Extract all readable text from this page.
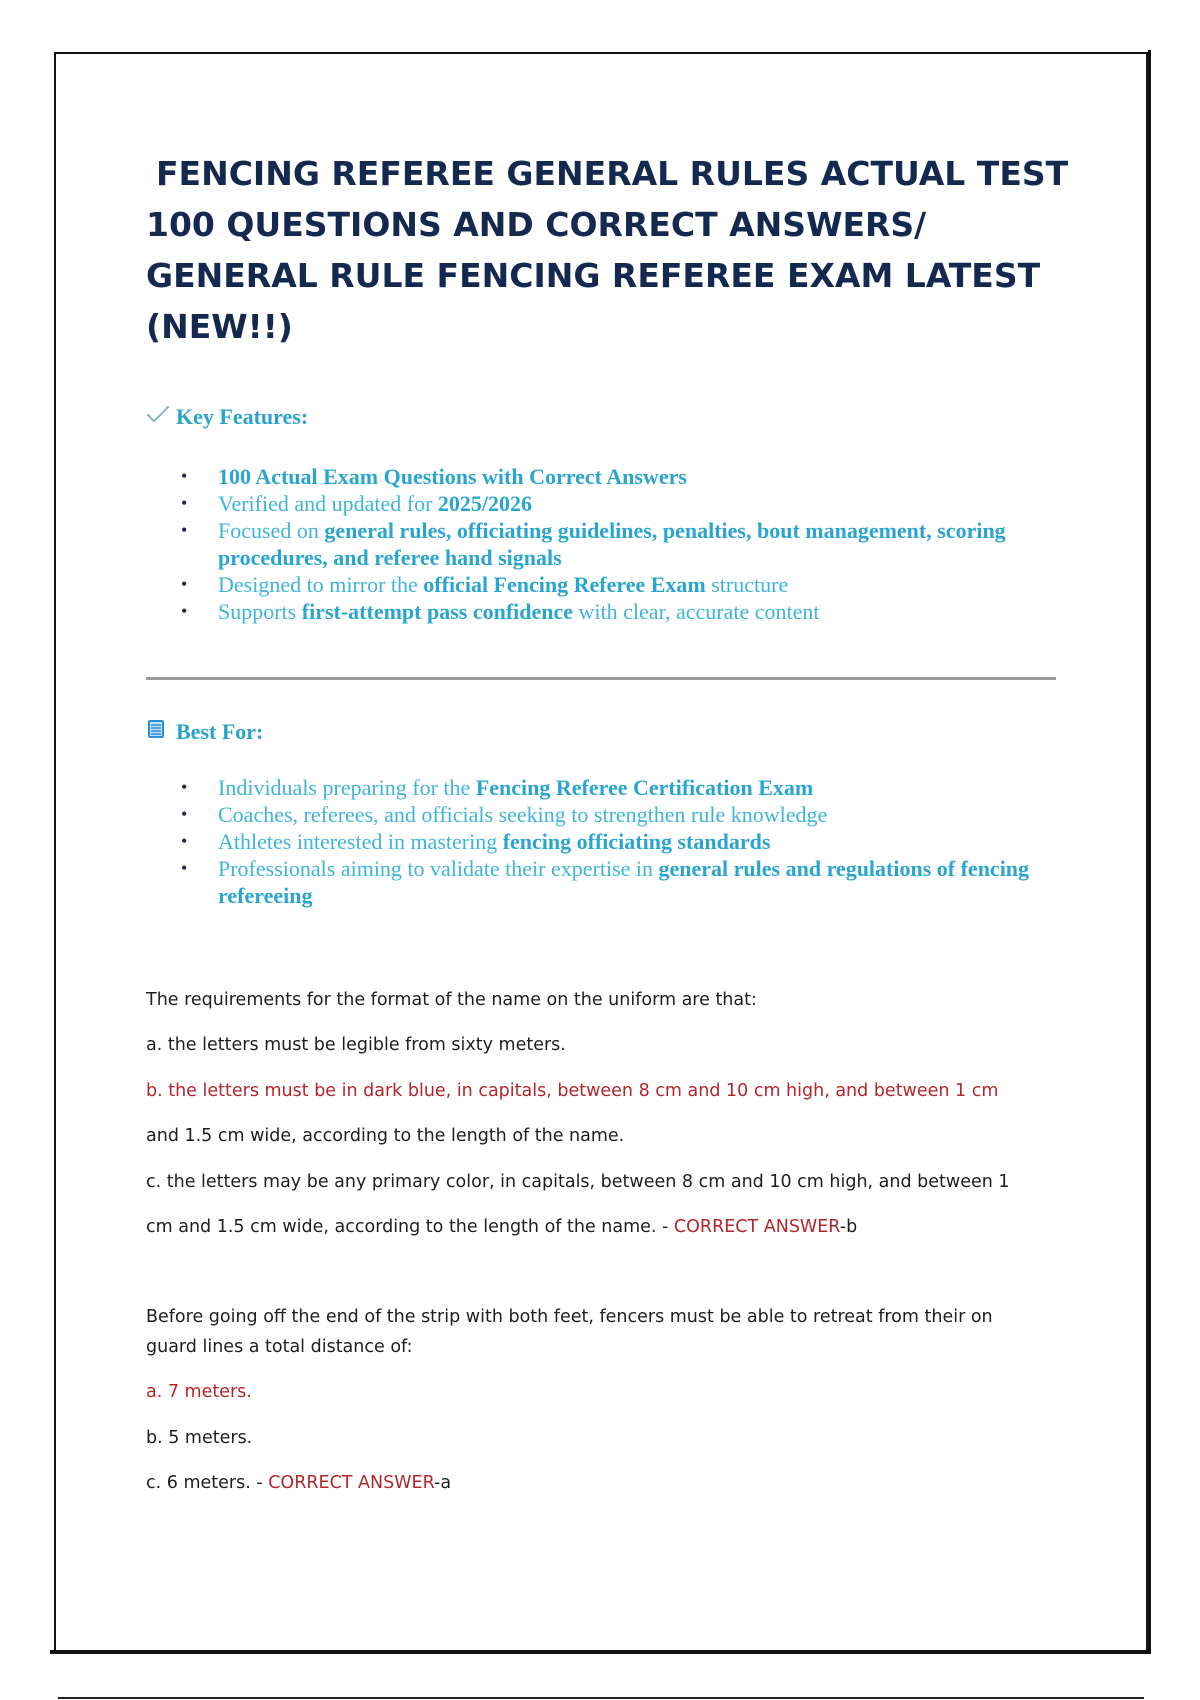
FENCING REFEREE GENERAL RULES ACTUAL TEST
100 QUESTIONS AND CORRECT ANSWERS/
GENERAL RULE FENCING REFEREE EXAM LATEST
(NEW!!)
Key Features:
• 100 Actual Exam Questions with Correct Answers
• Verified and updated for 2025/2026
• Focused on general rules, officiating guidelines, penalties, bout management, scoring procedures, and referee hand signals
• Designed to mirror the official Fencing Referee Exam structure
• Supports first-attempt pass confidence with clear, accurate content
Best For:
• Individuals preparing for the Fencing Referee Certification Exam
• Coaches, referees, and officials seeking to strengthen rule knowledge
• Athletes interested in mastering fencing officiating standards
• Professionals aiming to validate their expertise in general rules and regulations of fencing refereeing

The requirements for the format of the name on the uniform are that:

a. the letters must be legible from sixty meters.

b. the letters must be in dark blue, in capitals, between 8 cm and 10 cm high, and between 1 cm

and 1.5 cm wide, according to the length of the name.

c. the letters may be any primary color, in capitals, between 8 cm and 10 cm high, and between 1

cm and 1.5 cm wide, according to the length of the name. - CORRECT ANSWER-b

Before going off the end of the strip with both feet, fencers must be able to retreat from their on

guard lines a total distance of:

a. 7 meters.

b. 5 meters.

c. 6 meters. - CORRECT ANSWER-a
